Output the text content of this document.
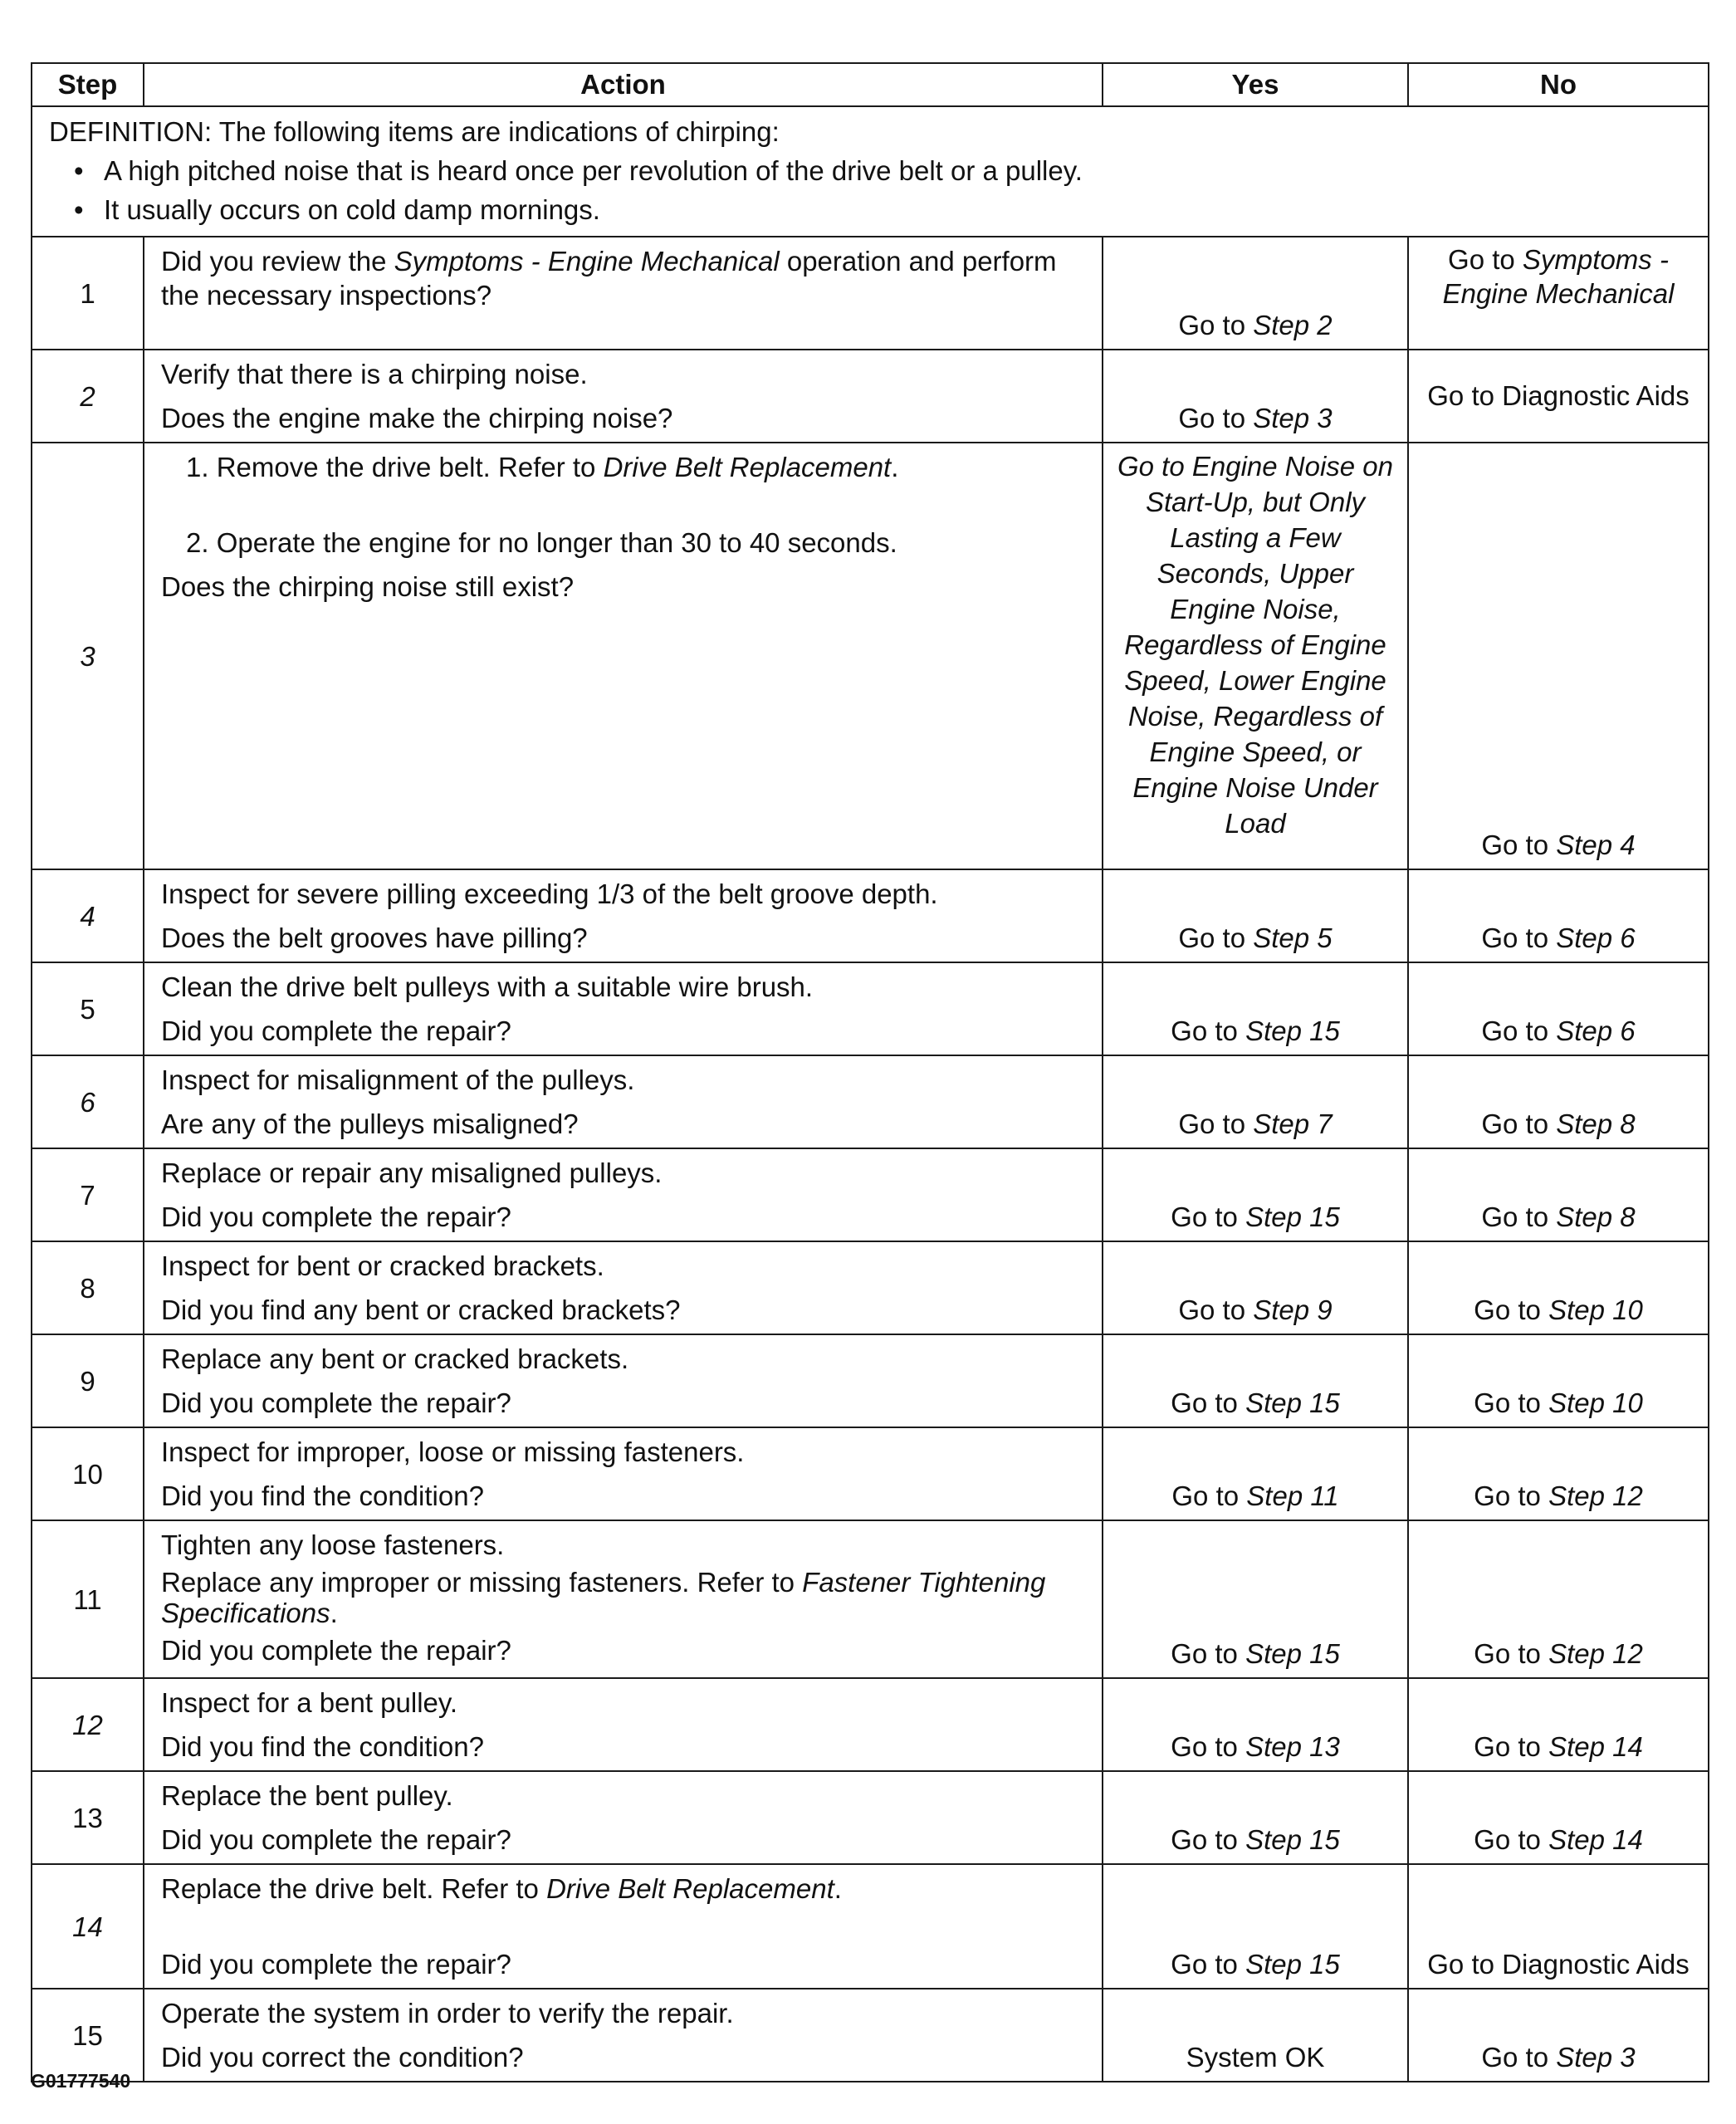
Step	Action	Yes	No

DEFINITION: The following items are indications of chirping:
• A high pitched noise that is heard once per revolution of the drive belt or a pulley.
• It usually occurs on cold damp mornings.			

1	Did you review the Symptoms - Engine Mechanical operation and perform the necessary inspections?	Go to Step 2	Go to Symptoms - Engine Mechanical
2	Verify that there is a chirping noise.
Does the engine make the chirping noise?	Go to Step 3	Go to Diagnostic Aids
3	1. Remove the drive belt. Refer to Drive Belt Replacement.
2. Operate the engine for no longer than 30 to 40 seconds.
Does the chirping noise still exist?	Go to Engine Noise on Start-Up, but Only Lasting a Few Seconds, Upper Engine Noise, Regardless of Engine Speed, Lower Engine Noise, Regardless of Engine Speed, or Engine Noise Under Load	Go to Step 4
4	Inspect for severe pilling exceeding 1/3 of the belt groove depth.
Does the belt grooves have pilling?	Go to Step 5	Go to Step 6
5	Clean the drive belt pulleys with a suitable wire brush.
Did you complete the repair?	Go to Step 15	Go to Step 6
6	Inspect for misalignment of the pulleys.
Are any of the pulleys misaligned?	Go to Step 7	Go to Step 8
7	Replace or repair any misaligned pulleys.
Did you complete the repair?	Go to Step 15	Go to Step 8
8	Inspect for bent or cracked brackets.
Did you find any bent or cracked brackets?	Go to Step 9	Go to Step 10
9	Replace any bent or cracked brackets.
Did you complete the repair?	Go to Step 15	Go to Step 10
10	Inspect for improper, loose or missing fasteners.
Did you find the condition?	Go to Step 11	Go to Step 12
11	Tighten any loose fasteners.
Replace any improper or missing fasteners. Refer to Fastener Tightening Specifications.
Did you complete the repair?	Go to Step 15	Go to Step 12
12	Inspect for a bent pulley.
Did you find the condition?	Go to Step 13	Go to Step 14
13	Replace the bent pulley.
Did you complete the repair?	Go to Step 15	Go to Step 14
14	Replace the drive belt. Refer to Drive Belt Replacement.
Did you complete the repair?	Go to Step 15	Go to Diagnostic Aids
15	Operate the system in order to verify the repair.
Did you correct the condition?	System OK	Go to Step 3
G01777540
